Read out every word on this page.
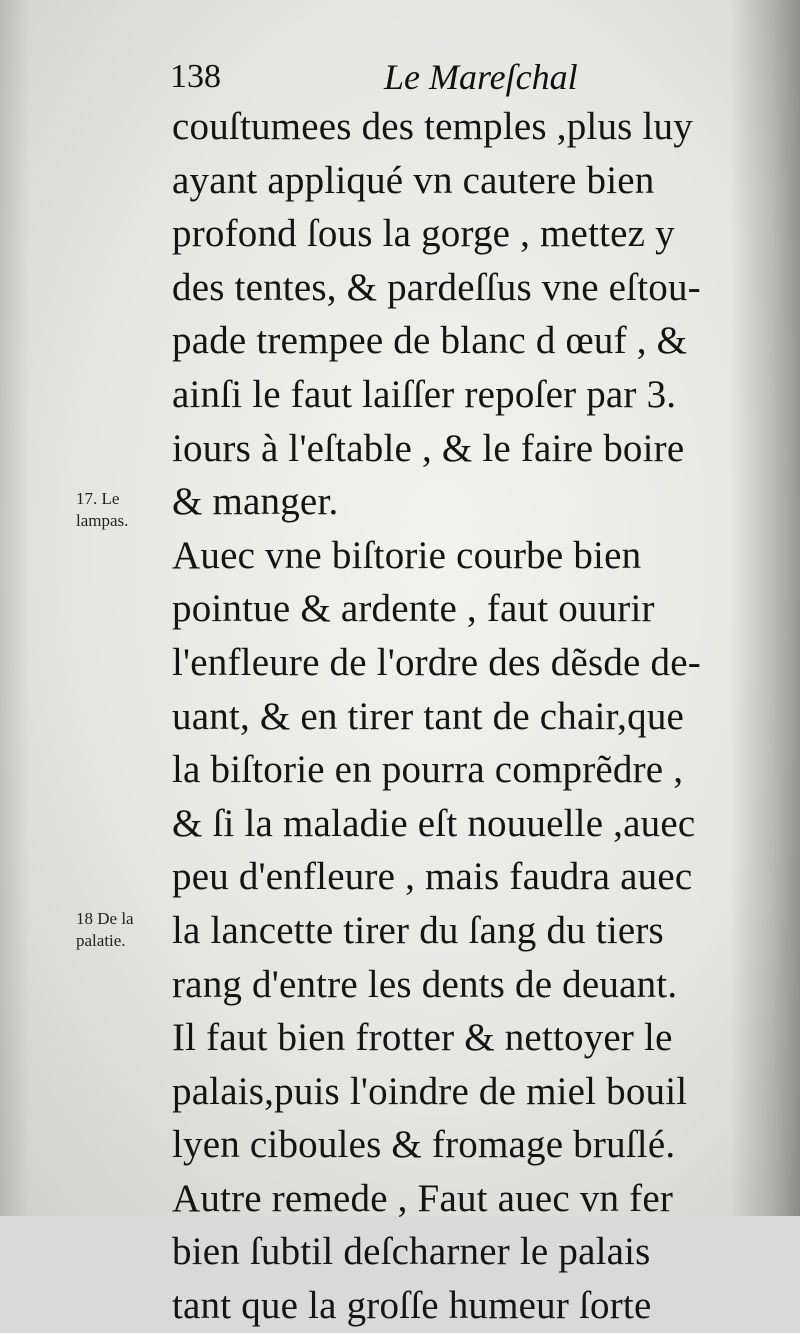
138	Le Mareſchal
17. Le
lampas.
18 De la
palatie.
couſtumees des temples ,plus luy
ayant appliqué vn cautere bien
profond ſous la gorge , mettez y
des tentes, & pardeſſus vne eſtou-
pade trempee de blanc d œuf , &
ainſi le faut laiſſer repoſer par 3.
iours à l'eſtable , & le faire boire
& manger.
Auec vne biſtorie courbe bien
pointue & ardente , faut ouurir
l'enfleure de l'ordre des dẽsde de-
uant, & en tirer tant de chair,que
la biſtorie en pourra comprẽdre ,
& ſi la maladie eſt nouuelle ,auec
peu d'enfleure , mais faudra auec
la lancette tirer du ſang du tiers
rang d'entre les dents de deuant.
Il faut bien frotter & nettoyer le
palais,puis l'oindre de miel bouil
lyen ciboules & fromage bruſlé.
Autre remede , Faut auec vn fer
bien ſubtil deſcharner le palais
tant que la groſſe humeur ſorte
